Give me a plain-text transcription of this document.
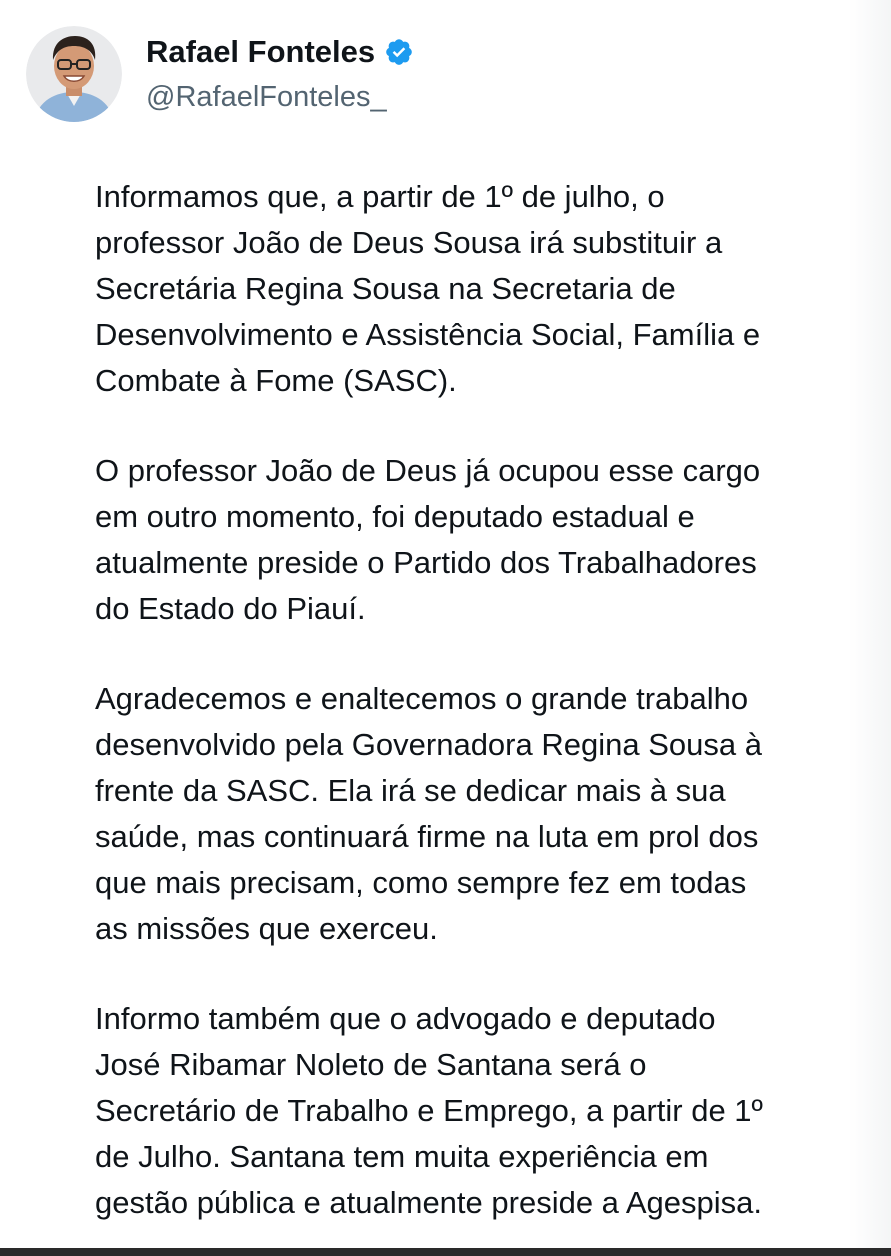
Rafael Fonteles
@RafaelFonteles_

Informamos que, a partir de 1º de julho, o
professor João de Deus Sousa irá substituir a
Secretária Regina Sousa na Secretaria de
Desenvolvimento e Assistência Social, Família e
Combate à Fome (SASC).

O professor João de Deus já ocupou esse cargo
em outro momento, foi deputado estadual e
atualmente preside o Partido dos Trabalhadores
do Estado do Piauí.

Agradecemos e enaltecemos o grande trabalho
desenvolvido pela Governadora Regina Sousa à
frente da SASC. Ela irá se dedicar mais à sua
saúde, mas continuará firme na luta em prol dos
que mais precisam, como sempre fez em todas
as missões que exerceu.

Informo também que o advogado e deputado
José Ribamar Noleto de Santana será o
Secretário de Trabalho e Emprego, a partir de 1º
de Julho. Santana tem muita experiência em
gestão pública e atualmente preside a Agespisa.
